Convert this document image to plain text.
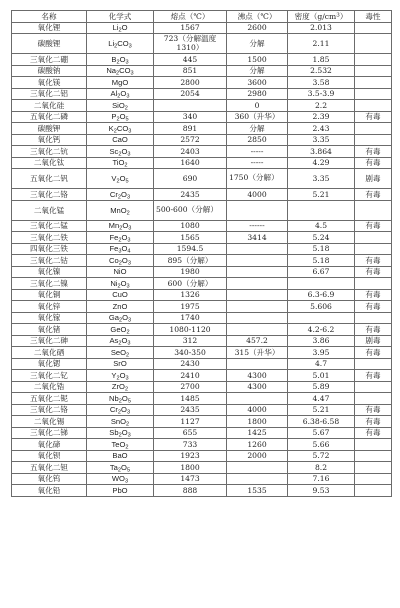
名称	化学式	熔点（℃）	沸点（℃）	密度$(g/cm^3)$	毒性
氧化锂	$Li_2O$	1567	2600	2.013	
碳酸锂	$Li_2CO_3$	723（分解温度1310）	分解	2.11	
三氧化二硼	$B_2O_3$	445	1500	1.85	
碳酸钠	$Na_2CO_3$	851	分解	2.532	
氧化镁	MgO	2800	3600	3.58	
三氧化二铝	$Al_2O_3$	2054	2980	3.5-3.9	
二氧化硅	SiO$_2$		0	2.2	
五氧化二磷	$P_2O_5$	340	360（升华）	2.39	有毒
碳酸钾	$K_2CO_3$	891	分解	2.43	
氧化钙	CaO	2572	2850	3.35	
三氧化二钪	$Sc_2O_3$	2403	-----	3.864	有毒
二氧化钛	TiO$_2$	1640	-----	4.29	有毒
五氧化二钒	$V_2O_5$	690	1750（分解）	3.35	剧毒
三氧化二铬	$Cr_2O_3$	2435	4000	5.21	有毒
二氧化锰	MnO$_2$	500-600（分解）			
三氧化二锰	$Mn_2O_3$	1080	------	4.5	有毒
三氧化二铁	$Fe_2O_3$	1565	3414	5.24	
四氧化三铁	$Fe_3O_4$	1594.5		5.18	
三氧化二钴	$Co_2O_3$	895（分解）		5.18	有毒
氧化镍	NiO	1980		6.67	有毒
三氧化二镍	$Ni_2O_3$	600（分解）			
氧化铜	CuO	1326		6.3-6.9	有毒
氧化锌	ZnO	1975		5.606	有毒
氧化镓	$Ga_2O_3$	1740			
氧化锗	GeO$_2$	1080-1120		4.2-6.2	有毒
三氧化二砷	$As_2O_3$	312	457.2	3.86	剧毒
二氧化硒	SeO$_2$	340-350	315（升华）	3.95	有毒
氧化锶	SrO	2430		4.7	
三氧化二钇	$Y_2O_3$	2410	4300	5.01	有毒
二氧化锆	ZrO$_2$	2700	4300	5.89	
五氧化二铌	$Nb_2O_5$	1485		4.47	
三氧化二铬	$Cr_2O_3$	2435	4000	5.21	有毒
二氧化锡	SnO$_2$	1127	1800	6.38-6.58	有毒
三氧化二锑	$Sb_2O_3$	655	1425	5.67	有毒
氧化碲	TeO$_2$	733	1260	5.66	
氧化钡	BaO	1923	2000	5.72	
五氧化二钽	$Ta_2O_5$	1800		8.2	
氧化钨	$WO_3$	1473		7.16	
氧化铅	PbO	888	1535	9.53	
